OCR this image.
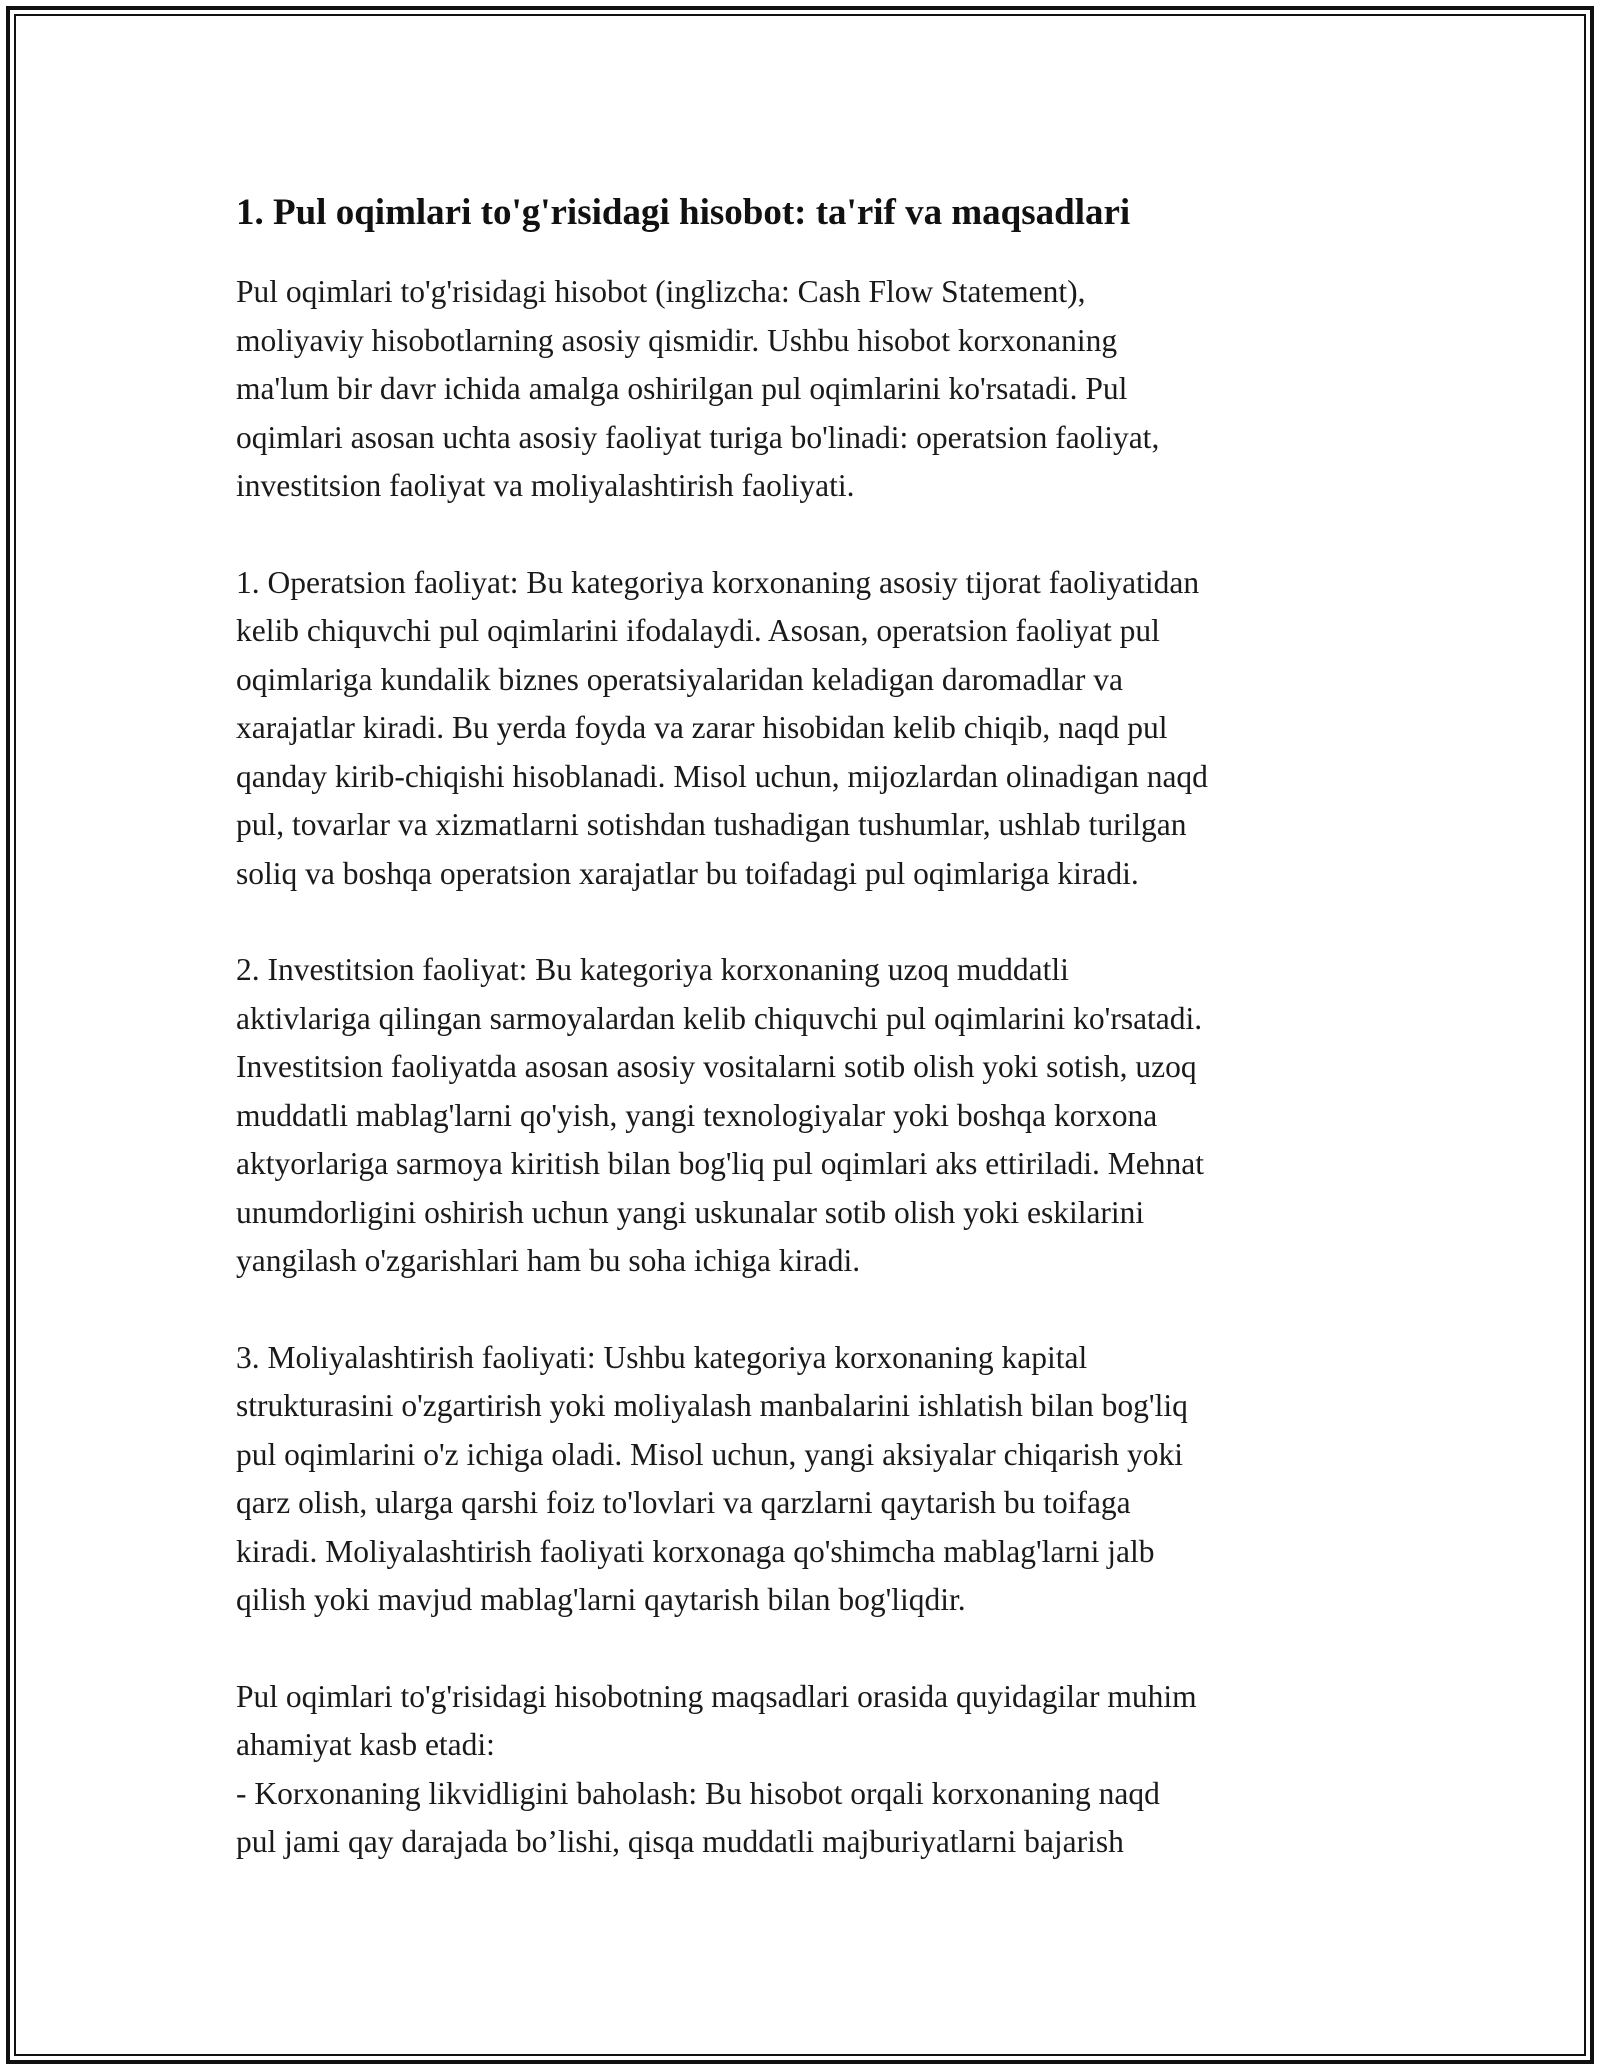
1. Pul oqimlari to'g'risidagi hisobot: ta'rif va maqsadlari
Pul oqimlari to'g'risidagi hisobot (inglizcha: Cash Flow Statement),
moliyaviy hisobotlarning asosiy qismidir. Ushbu hisobot korxonaning
ma'lum bir davr ichida amalga oshirilgan pul oqimlarini ko'rsatadi. Pul
oqimlari asosan uchta asosiy faoliyat turiga bo'linadi: operatsion faoliyat,
investitsion faoliyat va moliyalashtirish faoliyati.
1. Operatsion faoliyat: Bu kategoriya korxonaning asosiy tijorat faoliyatidan
kelib chiquvchi pul oqimlarini ifodalaydi. Asosan, operatsion faoliyat pul
oqimlariga kundalik biznes operatsiyalaridan keladigan daromadlar va
xarajatlar kiradi. Bu yerda foyda va zarar hisobidan kelib chiqib, naqd pul
qanday kirib-chiqishi hisoblanadi. Misol uchun, mijozlardan olinadigan naqd
pul, tovarlar va xizmatlarni sotishdan tushadigan tushumlar, ushlab turilgan
soliq va boshqa operatsion xarajatlar bu toifadagi pul oqimlariga kiradi.
2. Investitsion faoliyat: Bu kategoriya korxonaning uzoq muddatli
aktivlariga qilingan sarmoyalardan kelib chiquvchi pul oqimlarini ko'rsatadi.
Investitsion faoliyatda asosan asosiy vositalarni sotib olish yoki sotish, uzoq
muddatli mablag'larni qo'yish, yangi texnologiyalar yoki boshqa korxona
aktyorlariga sarmoya kiritish bilan bog'liq pul oqimlari aks ettiriladi. Mehnat
unumdorligini oshirish uchun yangi uskunalar sotib olish yoki eskilarini
yangilash o'zgarishlari ham bu soha ichiga kiradi.
3. Moliyalashtirish faoliyati: Ushbu kategoriya korxonaning kapital
strukturasini o'zgartirish yoki moliyalash manbalarini ishlatish bilan bog'liq
pul oqimlarini o'z ichiga oladi. Misol uchun, yangi aksiyalar chiqarish yoki
qarz olish, ularga qarshi foiz to'lovlari va qarzlarni qaytarish bu toifaga
kiradi. Moliyalashtirish faoliyati korxonaga qo'shimcha mablag'larni jalb
qilish yoki mavjud mablag'larni qaytarish bilan bog'liqdir.
Pul oqimlari to'g'risidagi hisobotning maqsadlari orasida quyidagilar muhim
ahamiyat kasb etadi:
- Korxonaning likvidligini baholash: Bu hisobot orqali korxonaning naqd
pul jami qay darajada bo’lishi, qisqa muddatli majburiyatlarni bajarish
